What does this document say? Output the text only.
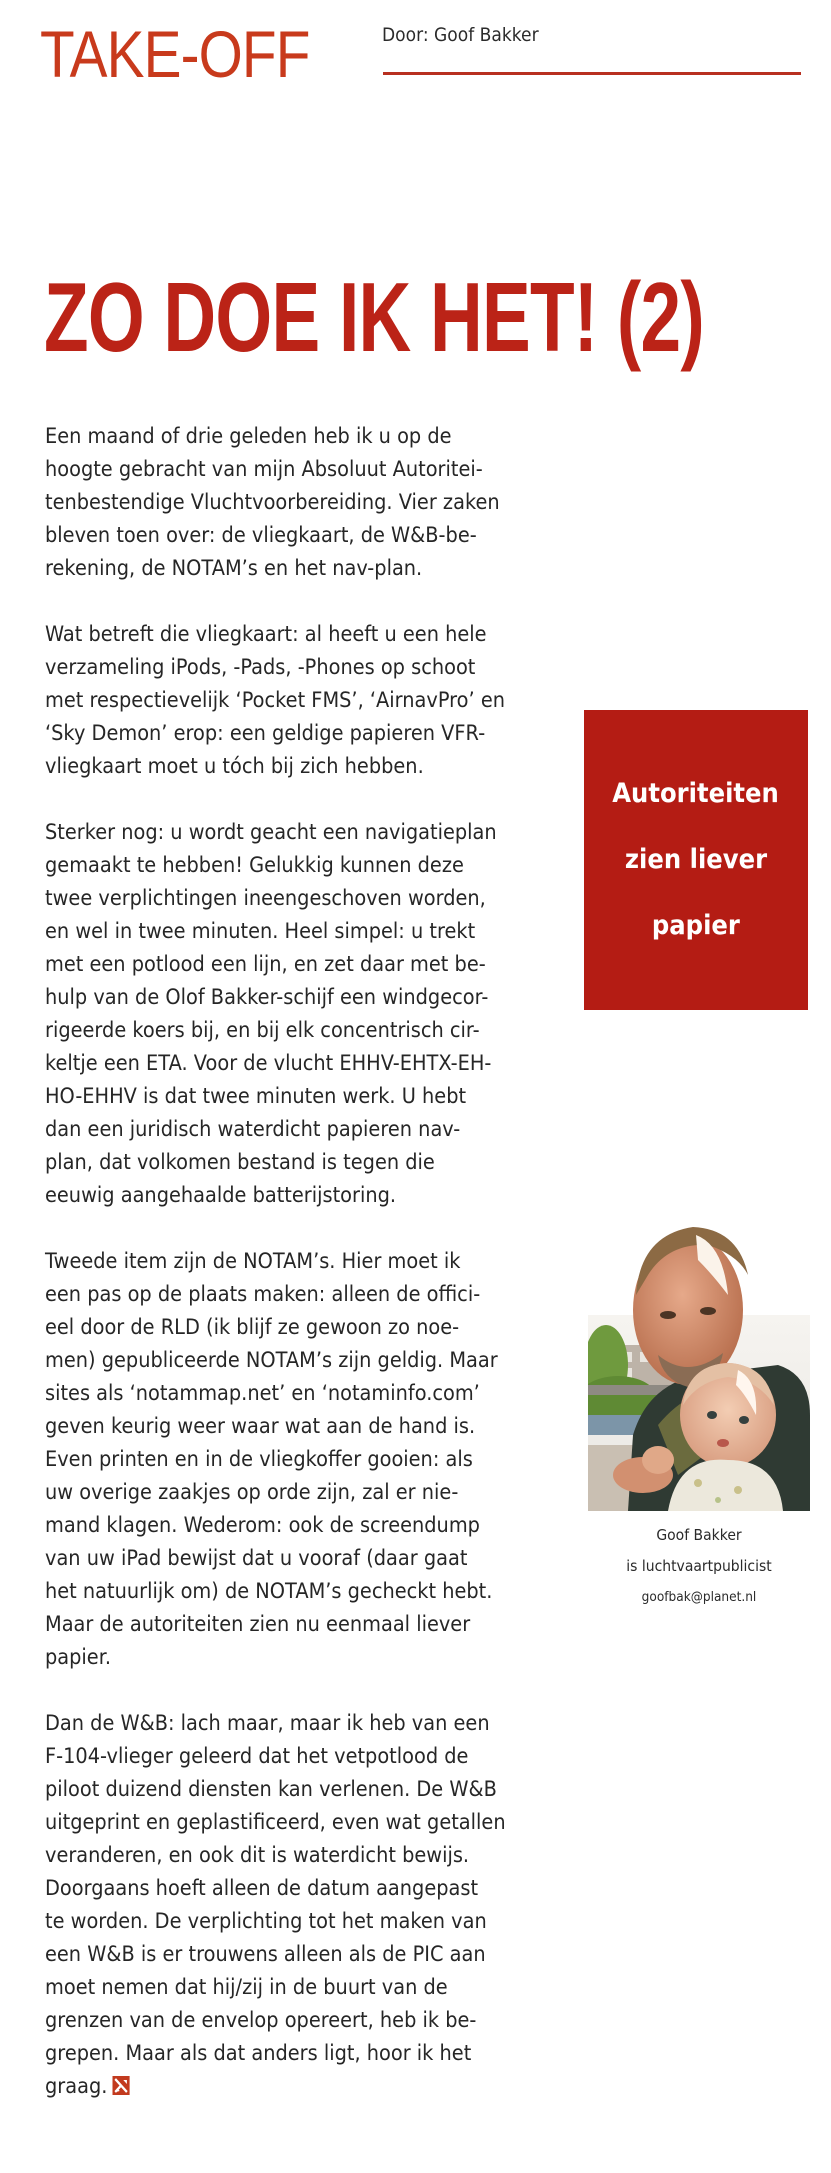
TAKE-OFF	Door: Goof Bakker
ZO DOE IK HET! (2)

Een maand of drie geleden heb ik u op de
hoogte gebracht van mijn Absoluut Autoritei-
tenbestendige Vluchtvoorbereiding. Vier zaken
bleven toen over: de vliegkaart, de W&B-be-
rekening, de NOTAM’s en het nav-plan.

Wat betreft die vliegkaart: al heeft u een hele
verzameling iPods, -Pads, -Phones op schoot
met respectievelijk ‘Pocket FMS’, ‘AirnavPro’ en
‘Sky Demon’ erop: een geldige papieren VFR-
vliegkaart moet u tóch bij zich hebben.

Sterker nog: u wordt geacht een navigatieplan
gemaakt te hebben! Gelukkig kunnen deze
twee verplichtingen ineengeschoven worden,
en wel in twee minuten. Heel simpel: u trekt
met een potlood een lijn, en zet daar met be-
hulp van de Olof Bakker-schijf een windgecor-
rigeerde koers bij, en bij elk concentrisch cir-
keltje een ETA. Voor de vlucht EHHV-EHTX-EH-
HO-EHHV is dat twee minuten werk. U hebt
dan een juridisch waterdicht papieren nav-
plan, dat volkomen bestand is tegen die
eeuwig aangehaalde batterijstoring.

Tweede item zijn de NOTAM’s. Hier moet ik
een pas op de plaats maken: alleen de offici-
eel door de RLD (ik blijf ze gewoon zo noe-
men) gepubliceerde NOTAM’s zijn geldig. Maar
sites als ‘notammap.net’ en ‘notaminfo.com’
geven keurig weer waar wat aan de hand is.
Even printen en in de vliegkoffer gooien: als
uw overige zaakjes op orde zijn, zal er nie-
mand klagen. Wederom: ook de screendump
van uw iPad bewijst dat u vooraf (daar gaat
het natuurlijk om) de NOTAM’s gecheckt hebt.
Maar de autoriteiten zien nu eenmaal liever
papier.

Dan de W&B: lach maar, maar ik heb van een
F-104-vlieger geleerd dat het vetpotlood de
piloot duizend diensten kan verlenen. De W&B
uitgeprint en geplastificeerd, even wat getallen
veranderen, en ook dit is waterdicht bewijs.
Doorgaans hoeft alleen de datum aangepast
te worden. De verplichting tot het maken van
een W&B is er trouwens alleen als de PIC aan
moet nemen dat hij/zij in de buurt van de
grenzen van de envelop opereert, heb ik be-
grepen. Maar als dat anders ligt, hoor ik het
graag.

Autoriteiten
zien liever
papier
Goof Bakker
is luchtvaartpublicist
goofbak@planet.nl
